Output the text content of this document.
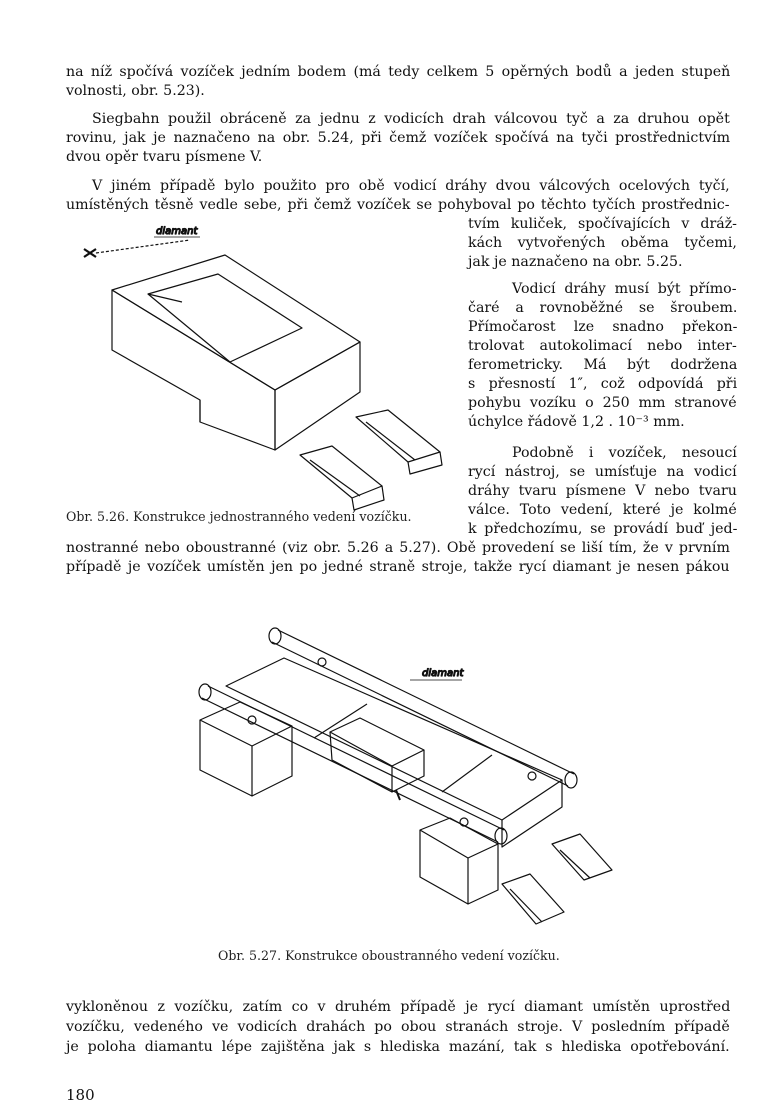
na níž spočívá vozíček jedním bodem (má tedy celkem 5 opěrných bodů a jeden stupeň
volnosti, obr. 5.23).
Siegbahn použil obráceně za jednu z vodicích drah válcovou tyč a za druhou opět
rovinu, jak je naznačeno na obr. 5.24, při čemž vozíček spočívá na tyči prostřednictvím
dvou opěr tvaru písmene V.
V jiném případě bylo použito pro obě vodicí dráhy dvou válcových ocelových tyčí,
umístěných těsně vedle sebe, při čemž vozíček se pohyboval po těchto tyčích prostřednic-
tvím kuliček, spočívajících v dráž-
kách vytvořených oběma tyčemi,
jak je naznačeno na obr. 5.25.
Vodicí dráhy musí být přímo-
čaré a rovnoběžné se šroubem.
Přímočarost lze snadno překon-
trolovat autokolimací nebo inter-
ferometricky. Má být dodržena
s přesností 1″, což odpovídá při
pohybu vozíku o 250 mm stranové
úchylce řádově 1,2 . 10⁻³ mm.
Podobně i vozíček, nesoucí
rycí nástroj, se umísťuje na vodicí
dráhy tvaru písmene V nebo tvaru
válce. Toto vedení, které je kolmé
k předchozímu, se provádí buď jed-
nostranné nebo oboustranné (viz obr. 5.26 a 5.27). Obě provedení se liší tím, že v prvním
případě je vozíček umístěn jen po jedné straně stroje, takže rycí diamant je nesen pákou
diamant
Obr. 5.26. Konstrukce jednostranného vedení vozíčku.
diamant
Obr. 5.27. Konstrukce oboustranného vedení vozíčku.
vykloněnou z vozíčku, zatím co v druhém případě je rycí diamant umístěn uprostřed
vozíčku, vedeného ve vodicích drahách po obou stranách stroje. V posledním případě
je poloha diamantu lépe zajištěna jak s hlediska mazání, tak s hlediska opotřebování.
180
